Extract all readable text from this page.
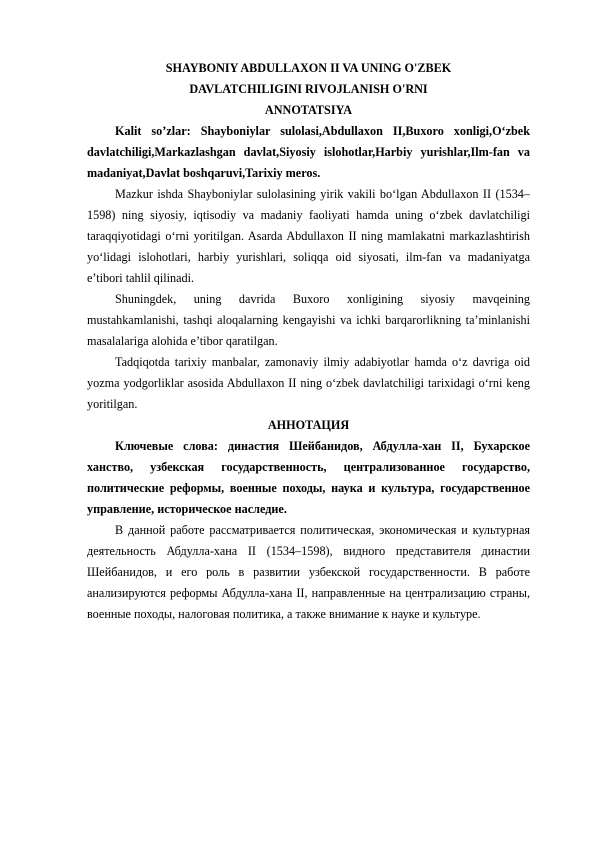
SHAYBONIY ABDULLAXON II VA UNING O'ZBEK

DAVLATCHILIGINI RIVOJLANISH O'RNI

ANNOTATSIYA

Kalit so’zlar: Shayboniylar sulolasi,Abdullaxon II,Buxoro xonligi,O‘zbek davlatchiligi,Markazlashgan davlat,Siyosiy islohotlar,Harbiy yurishlar,Ilm-fan va madaniyat,Davlat boshqaruvi,Tarixiy meros.

Mazkur ishda Shayboniylar sulolasining yirik vakili bo‘lgan Abdullaxon II (1534–1598) ning siyosiy, iqtisodiy va madaniy faoliyati hamda uning o‘zbek davlatchiligi taraqqiyotidagi o‘rni yoritilgan. Asarda Abdullaxon II ning mamlakatni markazlashtirish yo‘lidagi islohotlari, harbiy yurishlari, soliqqa oid siyosati, ilm-fan va madaniyatga e’tibori tahlil qilinadi.

Shuningdek, uning davrida Buxoro xonligining siyosiy mavqeining mustahkamlanishi, tashqi aloqalarning kengayishi va ichki barqarorlikning ta’minlanishi masalalariga alohida e’tibor qaratilgan.

Tadqiqotda tarixiy manbalar, zamonaviy ilmiy adabiyotlar hamda o‘z davriga oid yozma yodgorliklar asosida Abdullaxon II ning o‘zbek davlatchiligi tarixidagi o‘rni keng yoritilgan.

АННОТАЦИЯ

Ключевые слова: династия Шейбанидов, Абдулла-хан II, Бухарское ханство, узбекская государственность, централизованное государство, политические реформы, военные походы, наука и культура, государственное управление, историческое наследие.

В данной работе рассматривается политическая, экономическая и культурная деятельность Абдулла-хана II (1534–1598), видного представителя династии Шейбанидов, и его роль в развитии узбекской государственности. В работе анализируются реформы Абдулла-хана II, направленные на централизацию страны, военные походы, налоговая политика, а также внимание к науке и культуре.
